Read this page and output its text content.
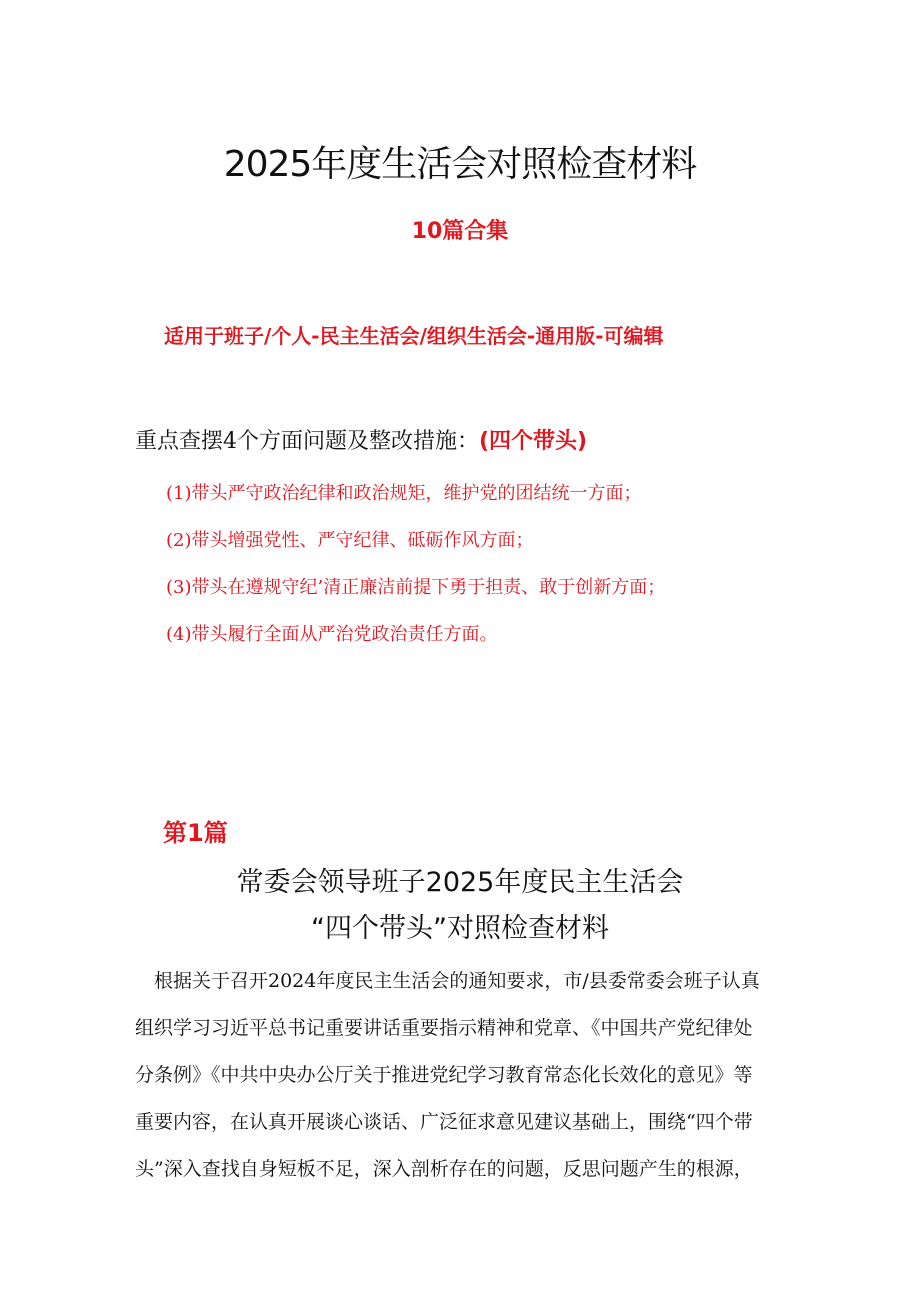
2025年度生活会对照检查材料
10篇合集
适用于班子/个人-民主生活会/组织生活会-通用版-可编辑
重点查摆4个方面问题及整改措施：(四个带头)
(1)带头严守政治纪律和政治规矩，维护党的团结统一方面；
(2)带头增强党性、严守纪律、砥砺作风方面；
(3)带头在遵规守纪’清正廉洁前提下勇于担责、敢于创新方面；
(4)带头履行全面从严治党政治责任方面。
第1篇
常委会领导班子2025年度民主生活会
“四个带头”对照检查材料
根据关于召开2024年度民主生活会的通知要求，市/县委常委会班子认真
组织学习习近平总书记重要讲话重要指示精神和党章、《中国共产党纪律处
分条例》《中共中央办公厅关于推进党纪学习教育常态化长效化的意见》等
重要内容，在认真开展谈心谈话、广泛征求意见建议基础上，围绕“四个带
头”深入查找自身短板不足，深入剖析存在的问题，反思问题产生的根源，
